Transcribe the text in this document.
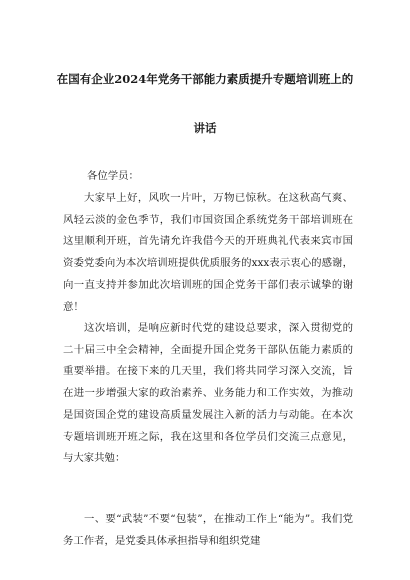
在国有企业2024年党务干部能力素质提升专题培训班上的
讲话
各位学员：
大家早上好，风吹一片叶，万物已惊秋。在这秋高气爽、风轻云淡的金色季节，我们市国资国企系统党务干部培训班在这里顺利开班，首先请允许我借今天的开班典礼代表来宾市国资委党委向为本次培训班提供优质服务的xxx表示衷心的感谢，向一直支持并参加此次培训班的国企党务干部们表示诚挚的谢意！
这次培训，是响应新时代党的建设总要求，深入贯彻党的二十届三中全会精神，全面提升国企党务干部队伍能力素质的重要举措。在接下来的几天里，我们将共同学习深入交流，旨在进一步增强大家的政治素养、业务能力和工作实效，为推动是国资国企党的建设高质量发展注入新的活力与动能。在本次专题培训班开班之际，我在这里和各位学员们交流三点意见，与大家共勉：
一、要“武装”不要“包装”，在推动工作上“能为”。我们党务工作者，是党委具体承担指导和组织党建
